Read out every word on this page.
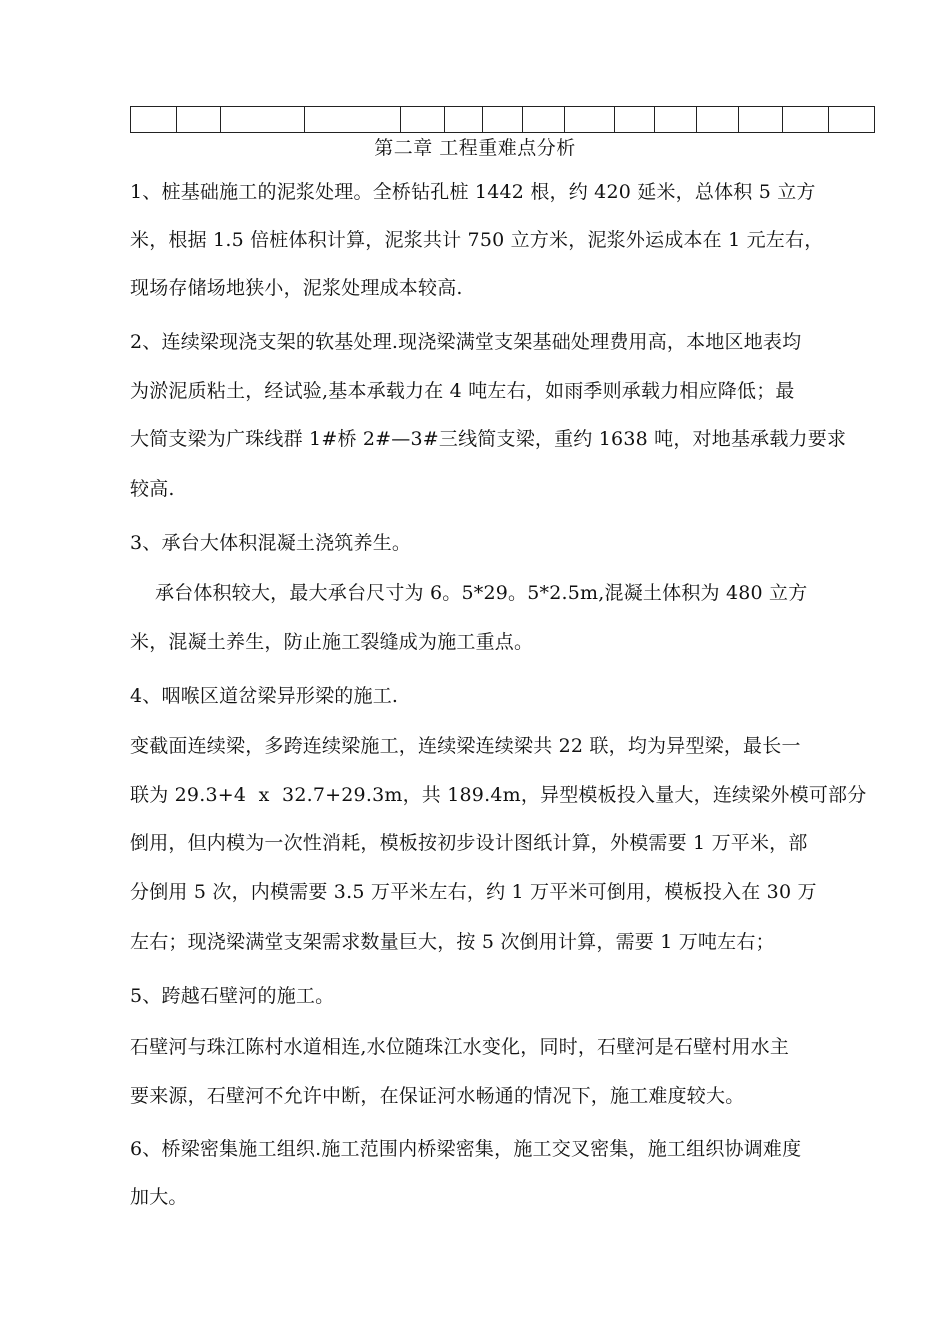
第二章 工程重难点分析
1、桩基础施工的泥浆处理。全桥钻孔桩 1442 根，约 420 延米，总体积 5 立方
米，根据 1.5 倍桩体积计算，泥浆共计 750 立方米，泥浆外运成本在 1 元左右，
现场存储场地狭小，泥浆处理成本较高.
2、连续梁现浇支架的软基处理.现浇梁满堂支架基础处理费用高，本地区地表均
为淤泥质粘土，经试验,基本承载力在 4 吨左右，如雨季则承载力相应降低；最
大简支梁为广珠线群 1#桥 2#—3#三线简支梁，重约 1638 吨，对地基承载力要求
较高.
3、承台大体积混凝土浇筑养生。
承台体积较大，最大承台尺寸为 6。5*29。5*2.5m,混凝土体积为 480 立方
米，混凝土养生，防止施工裂缝成为施工重点。
4、咽喉区道岔梁异形梁的施工.
变截面连续梁，多跨连续梁施工，连续梁连续梁共 22 联，均为异型梁，最长一
联为 29.3+4  x  32.7+29.3m，共 189.4m，异型模板投入量大，连续梁外模可部分
倒用，但内模为一次性消耗，模板按初步设计图纸计算，外模需要 1 万平米，部
分倒用 5 次，内模需要 3.5 万平米左右，约 1 万平米可倒用，模板投入在 30 万
左右；现浇梁满堂支架需求数量巨大，按 5 次倒用计算，需要 1 万吨左右；
5、跨越石壁河的施工。
石壁河与珠江陈村水道相连,水位随珠江水变化，同时，石壁河是石壁村用水主
要来源，石壁河不允许中断，在保证河水畅通的情况下，施工难度较大。
6、桥梁密集施工组织.施工范围内桥梁密集，施工交叉密集，施工组织协调难度
加大。
